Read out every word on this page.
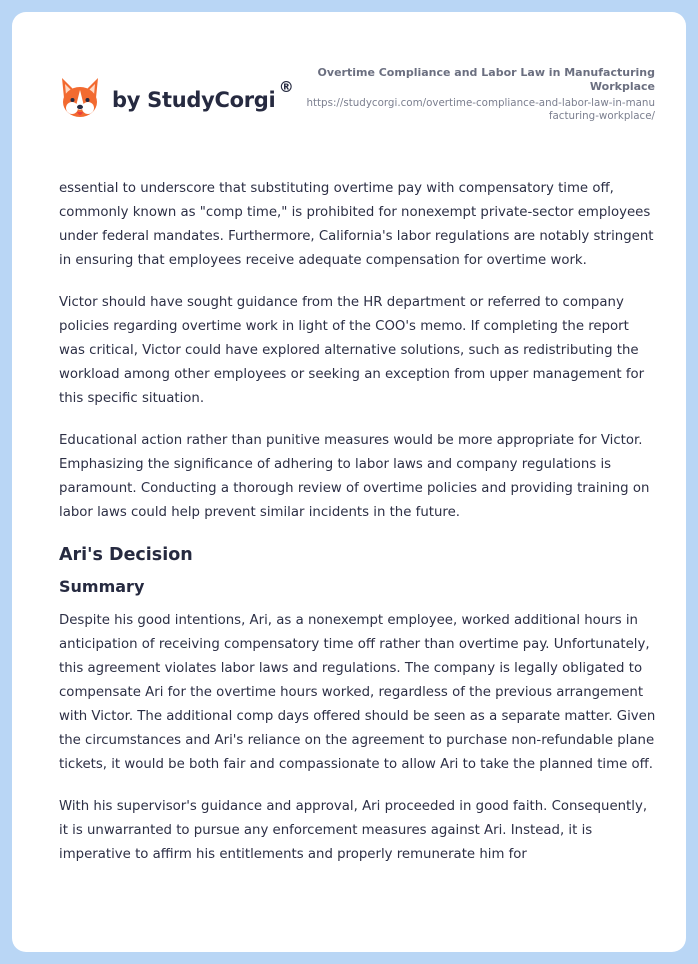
by StudyCorgi
®
Overtime Compliance and Labor Law in Manufacturing Workplace
https://studycorgi.com/overtime-compliance-and-labor-law-in-manufacturing-workplace/

essential to underscore that substituting overtime pay with compensatory time off, commonly known as "comp time," is prohibited for nonexempt private-sector employees under federal mandates. Furthermore, California's labor regulations are notably stringent in ensuring that employees receive adequate compensation for overtime work.

Victor should have sought guidance from the HR department or referred to company policies regarding overtime work in light of the COO's memo. If completing the report was critical, Victor could have explored alternative solutions, such as redistributing the workload among other employees or seeking an exception from upper management for this specific situation.

Educational action rather than punitive measures would be more appropriate for Victor. Emphasizing the significance of adhering to labor laws and company regulations is paramount. Conducting a thorough review of overtime policies and providing training on labor laws could help prevent similar incidents in the future.

Ari's Decision
Summary

Despite his good intentions, Ari, as a nonexempt employee, worked additional hours in anticipation of receiving compensatory time off rather than overtime pay. Unfortunately, this agreement violates labor laws and regulations. The company is legally obligated to compensate Ari for the overtime hours worked, regardless of the previous arrangement with Victor. The additional comp days offered should be seen as a separate matter. Given the circumstances and Ari's reliance on the agreement to purchase non-refundable plane tickets, it would be both fair and compassionate to allow Ari to take the planned time off.

With his supervisor's guidance and approval, Ari proceeded in good faith. Consequently, it is unwarranted to pursue any enforcement measures against Ari. Instead, it is imperative to affirm his entitlements and properly remunerate him for
